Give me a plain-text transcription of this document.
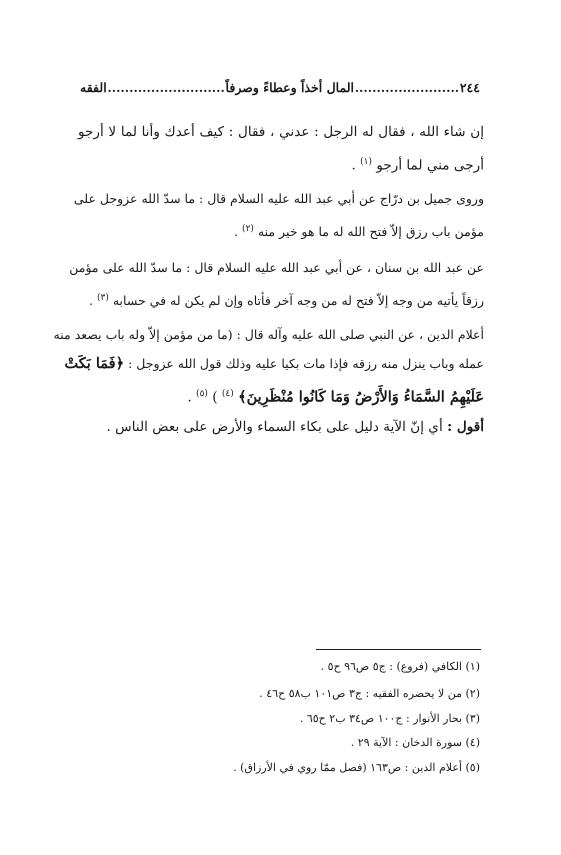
٢٤٤
........................
المال أخذاً وعطاءً وصرفاً
...........................
الفقه
إن شاء الله ، فقال له الرجل : عدني ، فقال : كيف أعدك وأنا لما لا أرجو
أرجى مني لما أرجو $^{(١)}$ .
وروى جميل بن درّاج عن أبي عبد الله عليه السلام قال : ما سدّ الله عزوجل على
مؤمن باب رزق إلاّ فتح الله له ما هو خير منه $^{(٢)}$ .
عن عبد الله بن سنان ، عن أبي عبد الله عليه السلام قال : ما سدّ الله على مؤمن
رزقاً يأتيه من وجه إلاّ فتح له من وجه آخر فأتاه وإن لم يكن له في حسابه $^{(٣)}$ .
أعلام الدين ، عن النبي صلى الله عليه وآله قال : (ما من مؤمن إلاّ وله باب يصعد منه
عمله وباب ينزل منه رزقه فإذا مات بكيا عليه وذلك قول الله عزوجل : ﴿فَمَا بَكَتْ
عَلَيْهِمُ السَّمَاءُ وَالأَرْضُ وَمَا كَانُوا مُنْظَرِينَ﴾ $^{(٤)}$ ) $^{(٥)}$ .
أقول : أي إنّ الآية دليل على بكاء السماء والأرض على بعض الناس .
(١) الكافي (فروع) : ج٥ ص٩٦ ح٥ .
(٢) من لا يحضره الفقيه : ج٣ ص١٠١ ب٥٨ ح٤٦ .
(٣) بحار الأنوار : ج١٠٠ ص٣٤ ب٢ ح٦٥ .
(٤) سورة الدخان : الآية ٢٩ .
(٥) أعلام الدين : ص١٦٣ (فصل ممّا روي في الأرزاق) .
